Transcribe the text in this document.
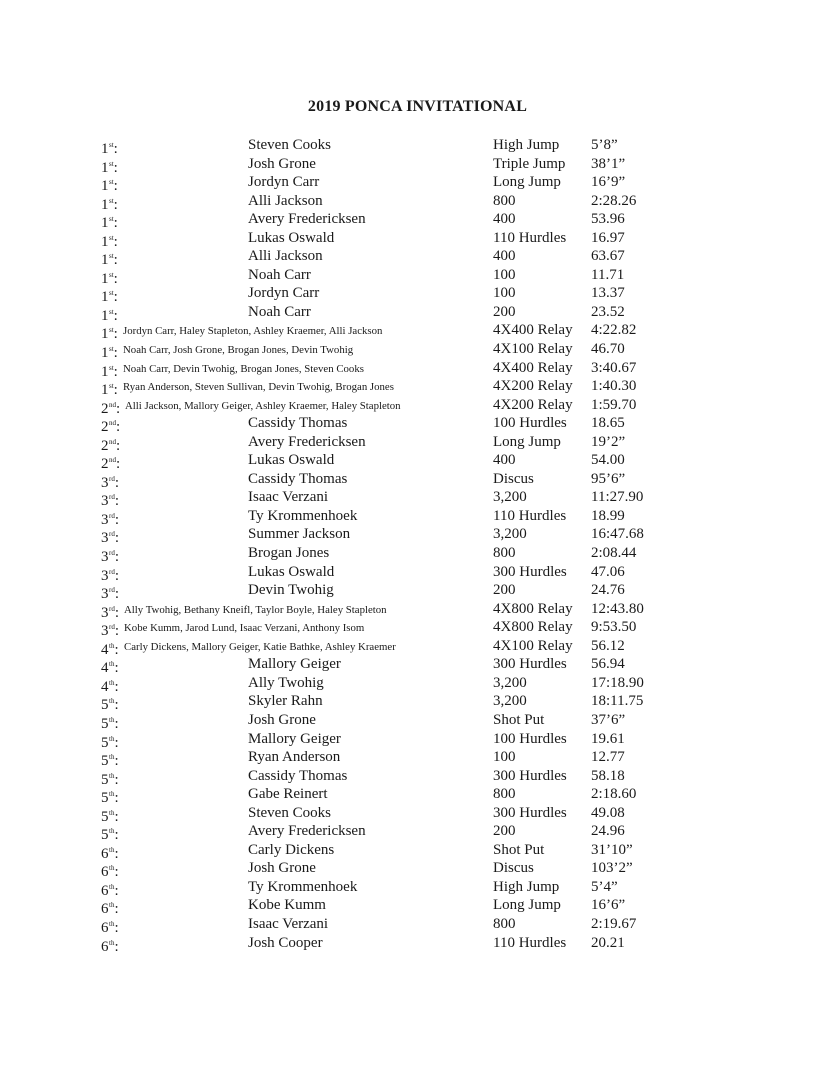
2019 PONCA INVITATIONAL
1st:	Steven Cooks	High Jump 5’8”
1st:	Josh Grone	Triple Jump 38’1”
1st:	Jordyn Carr	Long Jump 16’9”
1st:	Alli Jackson	800	2:28.26
1st:	Avery Fredericksen	400	53.96
1st:	Lukas Oswald	110 Hurdles 16.97
1st:	Alli Jackson	400	63.67
1st:	Noah Carr	100	11.71
1st:	Jordyn Carr	100	13.37
1st:	Noah Carr	200	23.52
1st: Jordyn Carr, Haley Stapleton, Ashley Kraemer, Alli Jackson	4X400 Relay 4:22.82
1st: Noah Carr, Josh Grone, Brogan Jones, Devin Twohig	4X100 Relay 46.70
1st: Noah Carr, Devin Twohig, Brogan Jones, Steven Cooks	4X400 Relay 3:40.67
1st: Ryan Anderson, Steven Sullivan, Devin Twohig, Brogan Jones	4X200 Relay 1:40.30
2nd: Alli Jackson, Mallory Geiger, Ashley Kraemer, Haley Stapleton	4X200 Relay 1:59.70
2nd:	Cassidy Thomas	100 Hurdles 18.65
2nd:	Avery Fredericksen	Long Jump 19’2”
2nd:	Lukas Oswald	400	54.00
3rd:	Cassidy Thomas	Discus	95’6”
3rd:	Isaac Verzani	3,200	11:27.90
3rd:	Ty Krommenhoek	110 Hurdles 18.99
3rd:	Summer Jackson	3,200	16:47.68
3rd:	Brogan Jones	800	2:08.44
3rd:	Lukas Oswald	300 Hurdles 47.06
3rd:	Devin Twohig	200	24.76
3rd: Ally Twohig, Bethany Kneifl, Taylor Boyle, Haley Stapleton	4X800 Relay 12:43.80
3rd: Kobe Kumm, Jarod Lund, Isaac Verzani, Anthony Isom	4X800 Relay 9:53.50
4th: Carly Dickens, Mallory Geiger, Katie Bathke, Ashley Kraemer	4X100 Relay 56.12
4th:	Mallory Geiger	300 Hurdles 56.94
4th:	Ally Twohig	3,200	17:18.90
5th:	Skyler Rahn	3,200	18:11.75
5th:	Josh Grone	Shot Put	37’6”
5th:	Mallory Geiger	100 Hurdles 19.61
5th:	Ryan Anderson	100	12.77
5th:	Cassidy Thomas	300 Hurdles 58.18
5th:	Gabe Reinert	800	2:18.60
5th:	Steven Cooks	300 Hurdles 49.08
5th:	Avery Fredericksen	200	24.96
6th:	Carly Dickens	Shot Put	31’10”
6th:	Josh Grone	Discus	103’2”
6th:	Ty Krommenhoek	High Jump 5’4”
6th:	Kobe Kumm	Long Jump 16’6”
6th:	Isaac Verzani	800	2:19.67
6th:	Josh Cooper	110 Hurdles 20.21
